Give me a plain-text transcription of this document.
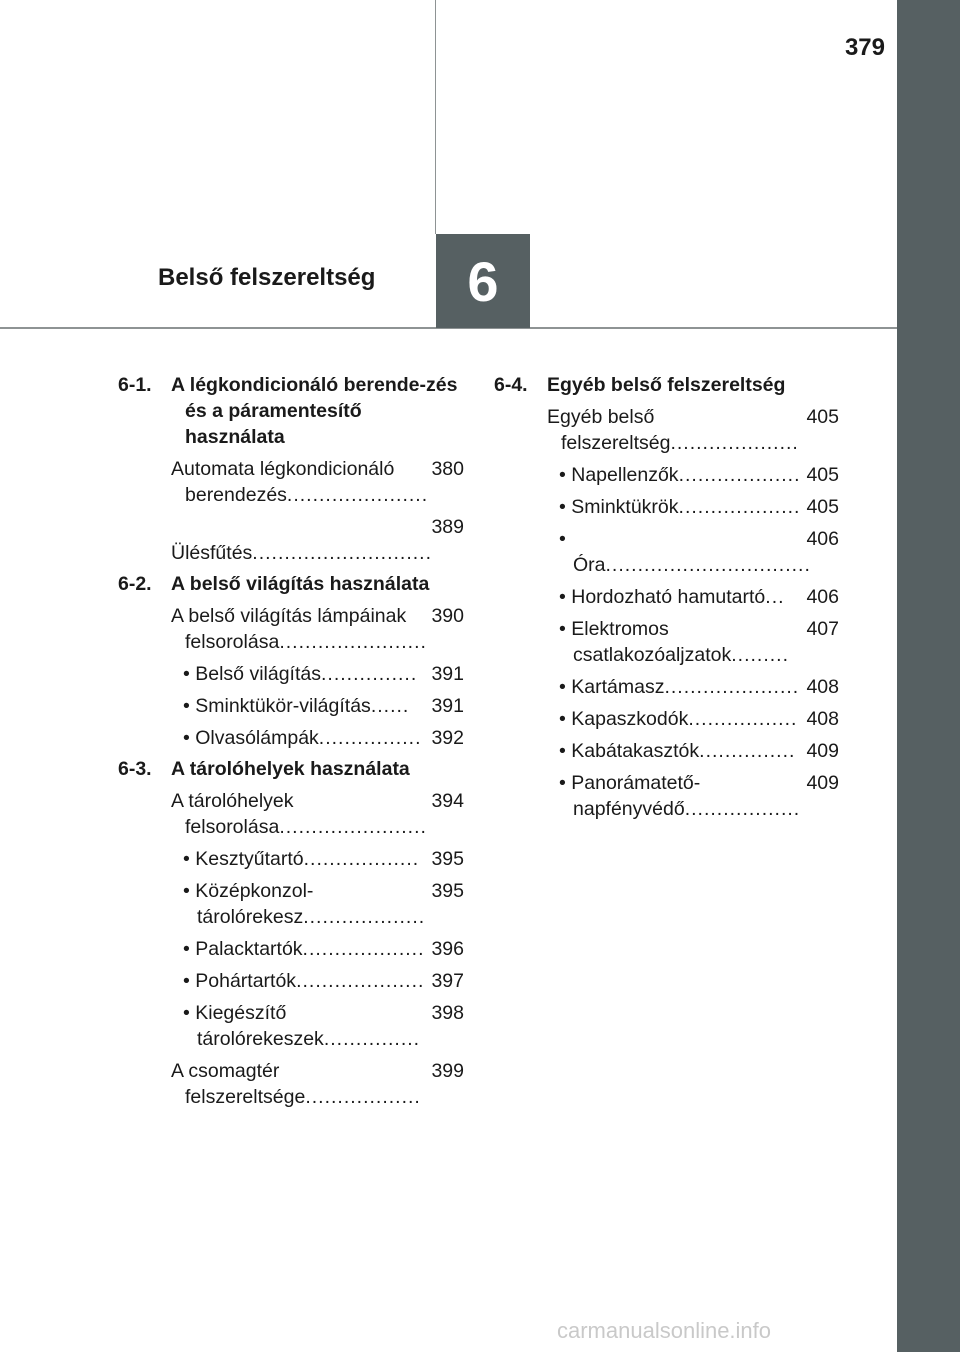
379
Belső felszereltség 6
6-1. A légkondicionáló berende-zés és a páramentesítő használata
380
Automata légkondicionáló berendezés......................
389
Ülésfűtés............................
6-2. A belső világítás használata
390
A belső világítás lámpáinak felsorolása.......................
391
• Belső világítás...............
391
• Sminktükör-világítás......
392
• Olvasólámpák................
6-3. A tárolóhelyek használata
394
A tárolóhelyek felsorolása.......................
395
• Kesztyűtartó..................
395
• Középkonzol-tárolórekesz...................
396
• Palacktartók...................
397
• Pohártartók....................
398
• Kiegészítő tárolórekeszek...............
399
A csomagtér felszereltsége..................
6-4. Egyéb belső felszereltség
405
Egyéb belső felszereltség....................
405
• Napellenzők...................
405
• Sminktükrök...................
406
• Óra................................
406
• Hordozható hamutartó...
407
• Elektromos csatlakozóaljzatok.........
408
• Kartámasz.....................
408
• Kapaszkodók.................
409
• Kabátakasztók...............
409
• Panorámatető-napfényvédő..................
carmanualsonline.info
